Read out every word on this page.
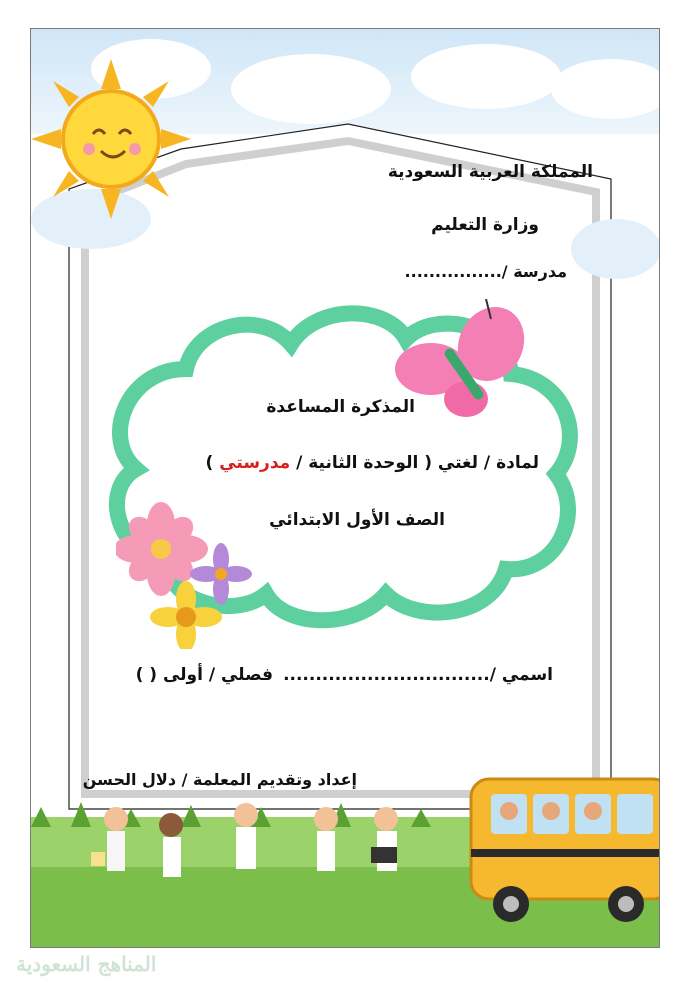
المملكة العربية السعودية
وزارة التعليم
مدرسة /................
المذكرة المساعدة
لمادة / لغتي ( الوحدة الثانية / مدرستي )
الصف الأول الابتدائي
اسمي /................................
فصلي / أولى ( )
إعداد وتقديم المعلمة / دلال الحسن
المناهج السعودية
